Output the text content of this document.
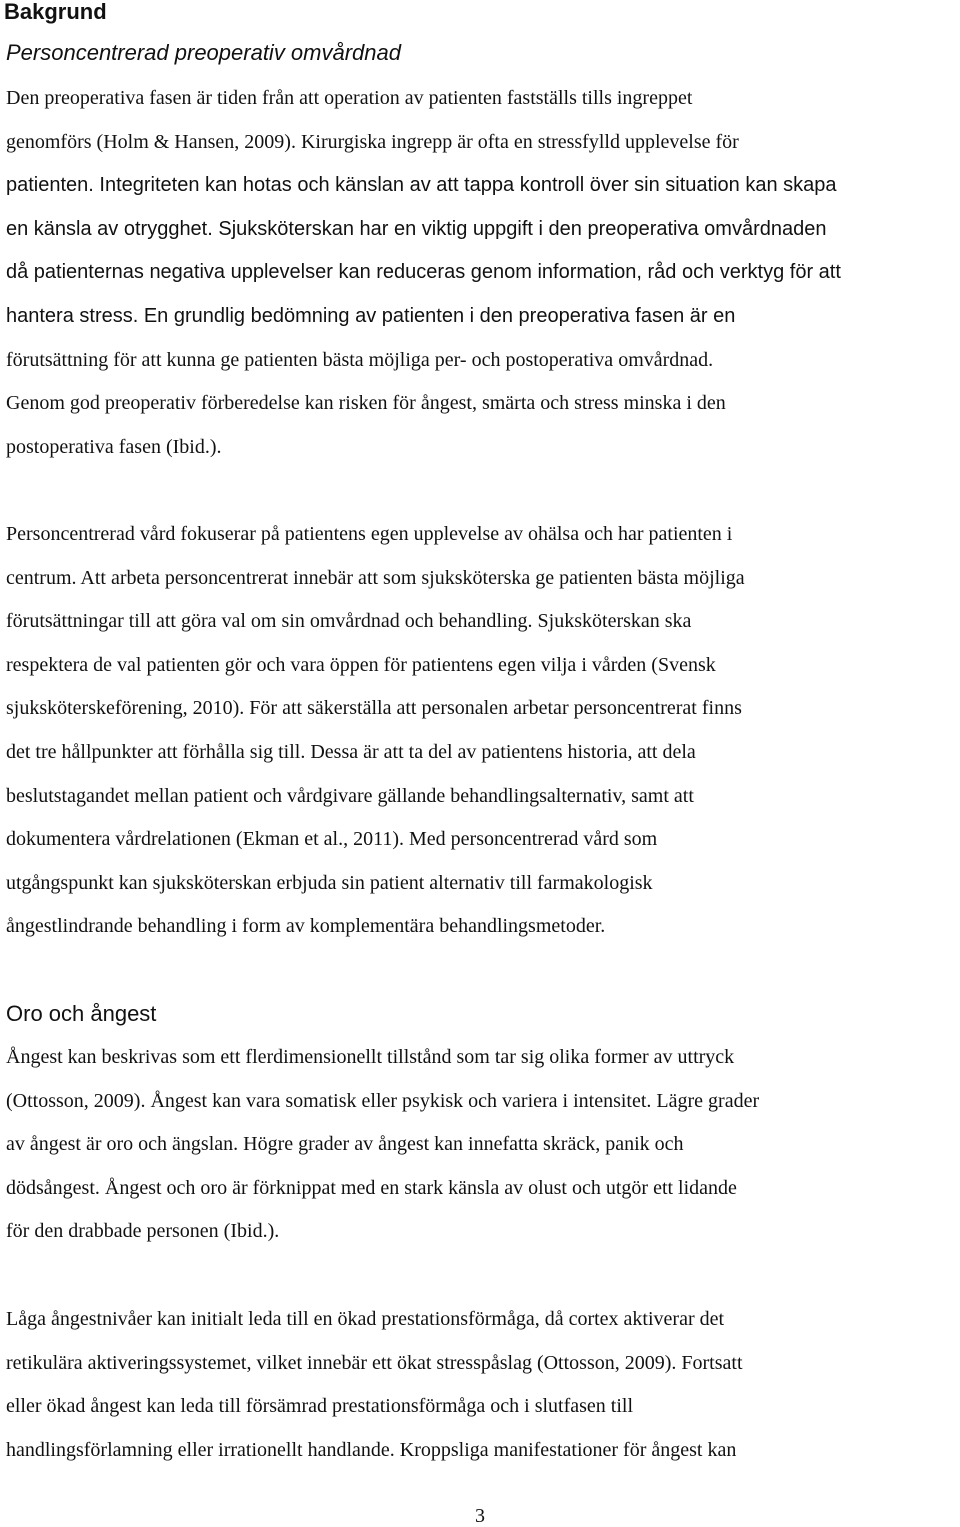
Bakgrund
Personcentrerad preoperativ omvårdnad

Den preoperativa fasen är tiden från att operation av patienten fastställs tills ingreppet
genomförs (Holm & Hansen, 2009). Kirurgiska ingrepp är ofta en stressfylld upplevelse för
patienten. Integriteten kan hotas och känslan av att tappa kontroll över sin situation kan skapa
en känsla av otrygghet. Sjuksköterskan har en viktig uppgift i den preoperativa omvårdnaden
då patienternas negativa upplevelser kan reduceras genom information, råd och verktyg för att
hantera stress. En grundlig bedömning av patienten i den preoperativa fasen är en
förutsättning för att kunna ge patienten bästa möjliga per- och postoperativa omvårdnad.
Genom god preoperativ förberedelse kan risken för ångest, smärta och stress minska i den
postoperativa fasen (Ibid.).

Personcentrerad vård fokuserar på patientens egen upplevelse av ohälsa och har patienten i
centrum. Att arbeta personcentrerat innebär att som sjuksköterska ge patienten bästa möjliga
förutsättningar till att göra val om sin omvårdnad och behandling. Sjuksköterskan ska
respektera de val patienten gör och vara öppen för patientens egen vilja i vården (Svensk
sjuksköterskeförening, 2010). För att säkerställa att personalen arbetar personcentrerat finns
det tre hållpunkter att förhålla sig till. Dessa är att ta del av patientens historia, att dela
beslutstagandet mellan patient och vårdgivare gällande behandlingsalternativ, samt att
dokumentera vårdrelationen (Ekman et al., 2011). Med personcentrerad vård som
utgångspunkt kan sjuksköterskan erbjuda sin patient alternativ till farmakologisk
ångestlindrande behandling i form av komplementära behandlingsmetoder.

Oro och ångest

Ångest kan beskrivas som ett flerdimensionellt tillstånd som tar sig olika former av uttryck
(Ottosson, 2009). Ångest kan vara somatisk eller psykisk och variera i intensitet. Lägre grader
av ångest är oro och ängslan. Högre grader av ångest kan innefatta skräck, panik och
dödsångest. Ångest och oro är förknippat med en stark känsla av olust och utgör ett lidande
för den drabbade personen (Ibid.).

Låga ångestnivåer kan initialt leda till en ökad prestationsförmåga, då cortex aktiverar det
retikulära aktiveringssystemet, vilket innebär ett ökat stresspåslag (Ottosson, 2009). Fortsatt
eller ökad ångest kan leda till försämrad prestationsförmåga och i slutfasen till
handlingsförlamning eller irrationellt handlande. Kroppsliga manifestationer för ångest kan

3
